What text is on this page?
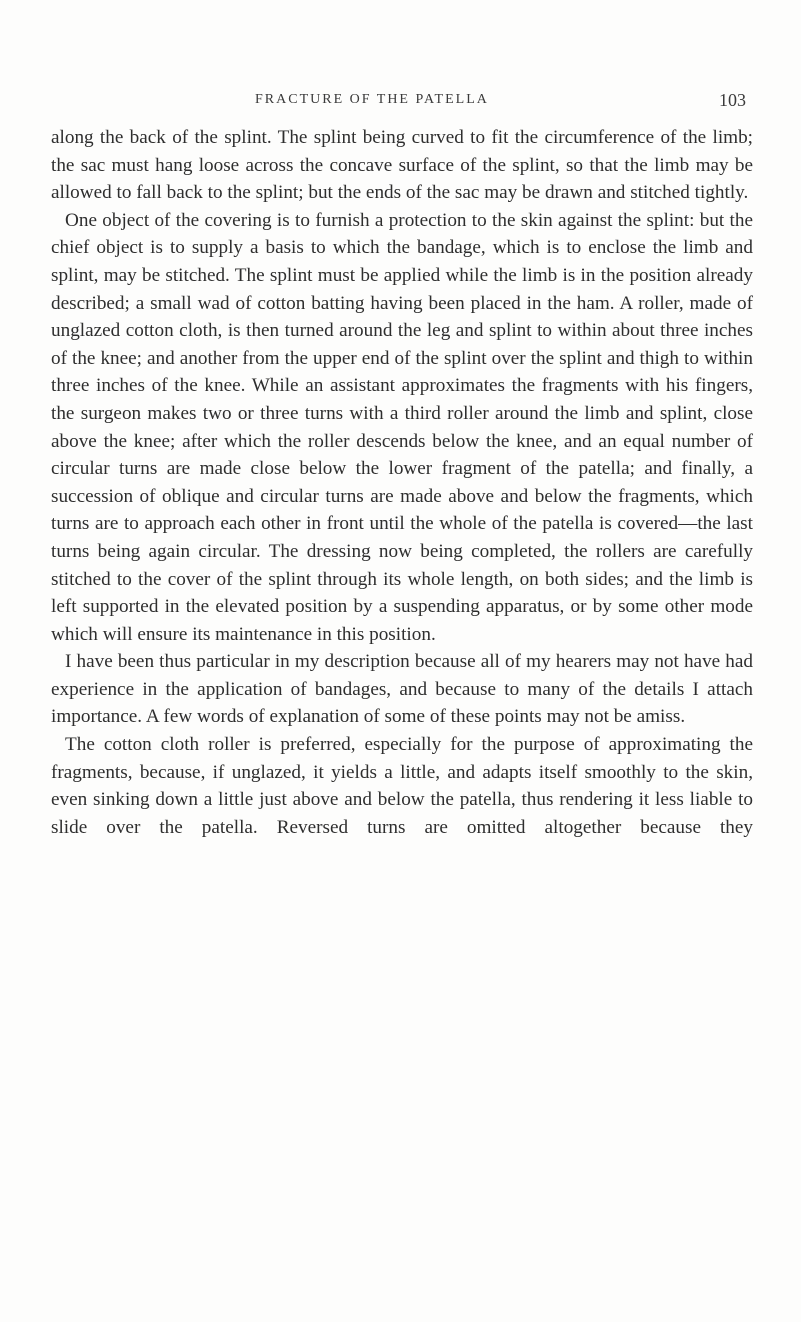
FRACTURE OF THE PATELLA	103

along the back of the splint. The splint being curved to fit the circumference of the limb; the sac must hang loose across the concave surface of the splint, so that the limb may be allowed to fall back to the splint; but the ends of the sac may be drawn and stitched tightly.

One object of the covering is to furnish a protection to the skin against the splint: but the chief object is to supply a basis to which the bandage, which is to enclose the limb and splint, may be stitched. The splint must be applied while the limb is in the position already described; a small wad of cotton batting having been placed in the ham. A roller, made of unglazed cotton cloth, is then turned around the leg and splint to within about three inches of the knee; and another from the upper end of the splint over the splint and thigh to within three inches of the knee. While an assistant approximates the fragments with his fingers, the surgeon makes two or three turns with a third roller around the limb and splint, close above the knee; after which the roller descends below the knee, and an equal number of circular turns are made close below the lower fragment of the patella; and finally, a succession of oblique and circular turns are made above and below the fragments, which turns are to approach each other in front until the whole of the patella is covered—the last turns being again circular. The dressing now being completed, the rollers are carefully stitched to the cover of the splint through its whole length, on both sides; and the limb is left supported in the elevated position by a suspending apparatus, or by some other mode which will ensure its maintenance in this position.

I have been thus particular in my description because all of my hearers may not have had experience in the application of bandages, and because to many of the details I attach importance. A few words of explanation of some of these points may not be amiss.

The cotton cloth roller is preferred, especially for the purpose of approximating the fragments, because, if unglazed, it yields a little, and adapts itself smoothly to the skin, even sinking down a little just above and below the patella, thus rendering it less liable to slide over the patella. Reversed turns are omitted altogether because they
